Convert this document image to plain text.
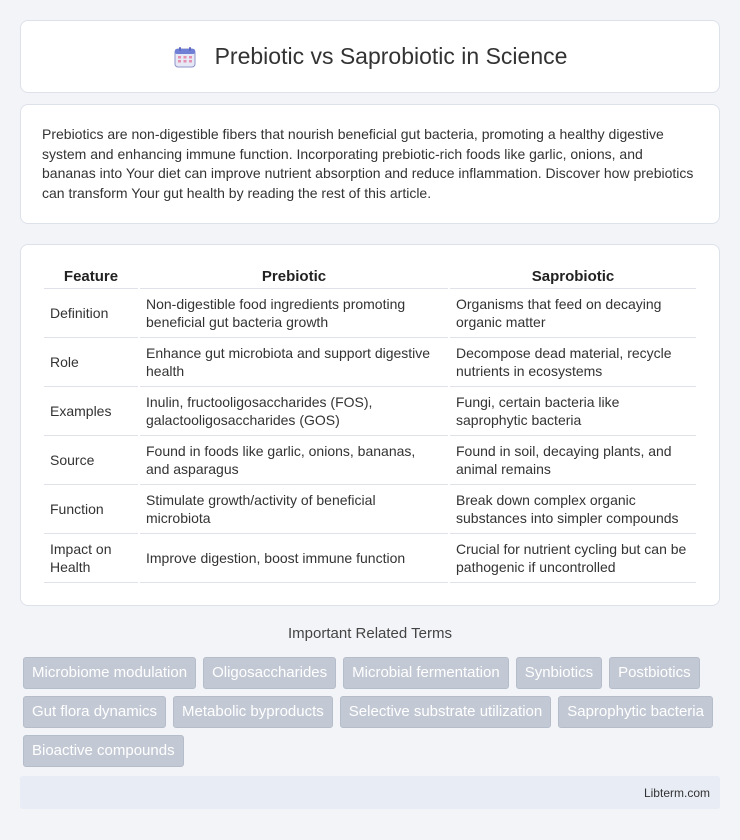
Prebiotic vs Saprobiotic in Science

Prebiotics are non-digestible fibers that nourish beneficial gut bacteria, promoting a healthy digestive system and enhancing immune function. Incorporating prebiotic-rich foods like garlic, onions, and bananas into Your diet can improve nutrient absorption and reduce inflammation. Discover how prebiotics can transform Your gut health by reading the rest of this article.

Feature	Prebiotic	Saprobiotic
Definition	Non-digestible food ingredients promoting beneficial gut bacteria growth	Organisms that feed on decaying organic matter
Role	Enhance gut microbiota and support digestive health	Decompose dead material, recycle nutrients in ecosystems
Examples	Inulin, fructooligosaccharides (FOS), galactooligosaccharides (GOS)	Fungi, certain bacteria like saprophytic bacteria
Source	Found in foods like garlic, onions, bananas, and asparagus	Found in soil, decaying plants, and animal remains
Function	Stimulate growth/activity of beneficial microbiota	Break down complex organic substances into simpler compounds
Impact on Health	Improve digestion, boost immune function	Crucial for nutrient cycling but can be pathogenic if uncontrolled
Important Related Terms
Microbiome modulation	Oligosaccharides	Microbial fermentation	Synbiotics	Postbiotics
Gut flora dynamics	Metabolic byproducts	Selective substrate utilization	Saprophytic bacteria
Bioactive compounds
Libterm.com
